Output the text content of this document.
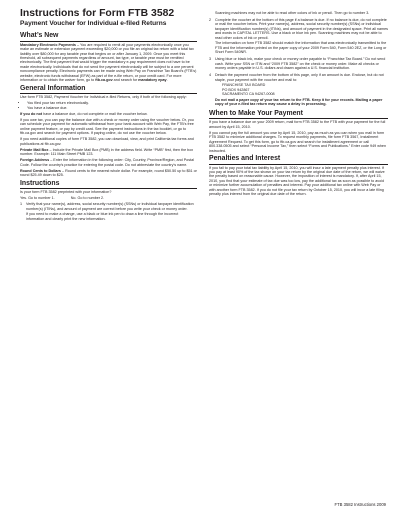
Instructions for Form FTB 3582
Payment Voucher for Individual e-filed Returns
What’s New

Mandatory Electronic Payments – You are required to remit all your payments electronically once you make an estimate or extension payment exceeding $20,000 or you file an original tax return with a total tax liability over $80,000 for any taxable year that begins on or after January 1, 2009. Once you meet this threshold, all subsequent payments regardless of amount, tax type, or taxable year must be remitted electronically. The first payment that would trigger the mandatory e-pay requirement does not have to be made electronically. Individuals that do not send the payment electronically will be subject to a one percent noncompliance penalty. Electronic payments can be made using Web Pay on Franchise Tax Board’s (FTB’s) website, electronic funds withdrawal (EFW) as part of the e-file return, or your credit card. For more information or to obtain the waiver form, go to ftb.ca.gov and search for mandatory epay.

General Information

Use form FTB 3582, Payment Voucher for Individual e-filed Returns, only if both of the following apply:

• You filed your tax return electronically.
• You have a balance due.

If you do not have a balance due, do not complete or mail the voucher below.

If you owe tax, you can pay the balance due with a check or money order using the voucher below. Or, you can schedule your payment for automatic withdrawal from your bank account with Web Pay, the FTB’s free online payment feature, or pay by credit card. See the payment instructions in the tax booklet, or go to ftb.ca.gov and search for payment options. If paying online, do not use the voucher below.

If you need additional copies of form FTB 3582, you can download, view, and print California tax forms and publications at ftb.ca.gov.

Private Mail Box – Include the Private Mail Box (PMB) in the address field. Write “PMB” first, then the box number. Example: 111 Main Street PMB 123.

Foreign Address – Enter the information in the following order: City, Country, Province/Region, and Postal Code. Follow the country’s practice for entering the postal code. Do not abbreviate the country’s name.

Round Cents to Dollars – Round cents to the nearest whole dollar. For example, round $50.50 up to $51 or round $25.49 down to $25.

Instructions

Is your form FTB 3582 preprinted with your information?

Yes. Go to number 1.	No. Go to number 2.

1	Verify that your name(s), address, social security number(s) (SSNs) or individual taxpayer identification number(s) (ITINs), and amount of payment are correct before you write your check or money order.

If you need to make a change, use a black or blue ink pen to draw a line through the incorrect information and clearly print the new information.

Scanning machines may not be able to read other colors of ink or pencil. Then go to number 3.

2	Complete the voucher at the bottom of this page if a balance is due. If no balance is due, do not complete or mail the voucher below. Print your name(s), address, social security number(s) (SSNs) or individual taxpayer identification number(s) (ITINs), and amount of payment in the designated space. Print all names and words in CAPITAL LETTERS. Use a black or blue ink pen. Scanning machines may not be able to read other colors of ink or pencil.

The information on form FTB 3582 should match the information that was electronically transmitted to the FTB and the information printed on the paper copy of your 2009 Form 540, Form 540 2EZ, or the Long or Short Form 540NR.

3	Using blue or black ink, make your check or money order payable to “Franchise Tax Board.” Do not send cash. Write your SSN or ITIN and “2009 FTB 3582” on the check or money order. Make all checks or money orders payable in U.S. dollars and drawn against a U.S. financial institution.

4	Detach the payment voucher from the bottom of this page, only if an amount is due. Enclose, but do not staple, your payment with the voucher and mail to:

FRANCHISE TAX BOARD
PO BOX 942867
SACRAMENTO CA 94267-0008

Do not mail a paper copy of your tax return to the FTB. Keep it for your records. Mailing a paper copy of your e-filed tax return may cause a delay in processing.

When to Make Your Payment

If you have a balance due on your 2009 return, mail form FTB 3582 to the FTB with your payment for the full amount by April 15, 2010.

If you cannot pay the full amount you owe by April 15, 2010, pay as much as you can when you mail in form FTB 3582 to minimize additional charges. To request monthly payments, file form FTB 3567, Installment Agreement Request. To get this form, go to ftb.ca.gov and search for installment agreement or call 800.338.0505 and select “Personal Income Tax,” then select “Forms and Publications.” Enter code 949 when instructed.

Penalties and Interest

If you fail to pay your total tax liability by April 15, 2010, you will incur a late payment penalty plus interest. If you pay at least 90% of the tax shown on your tax return by the original due date of the return, we will waive the penalty based on reasonable cause. However, the imposition of interest is mandatory. If, after April 15, 2010, you find that your estimate of tax due was too low, pay the additional tax as soon as possible to avoid or minimize further accumulation of penalties and interest. Pay your additional tax online with Web Pay or with another form FTB 3582. If you do not file your tax return by October 15, 2010, you will incur a late filing penalty plus interest from the original due date of the return.

FTB 3582 Instructions 2009
